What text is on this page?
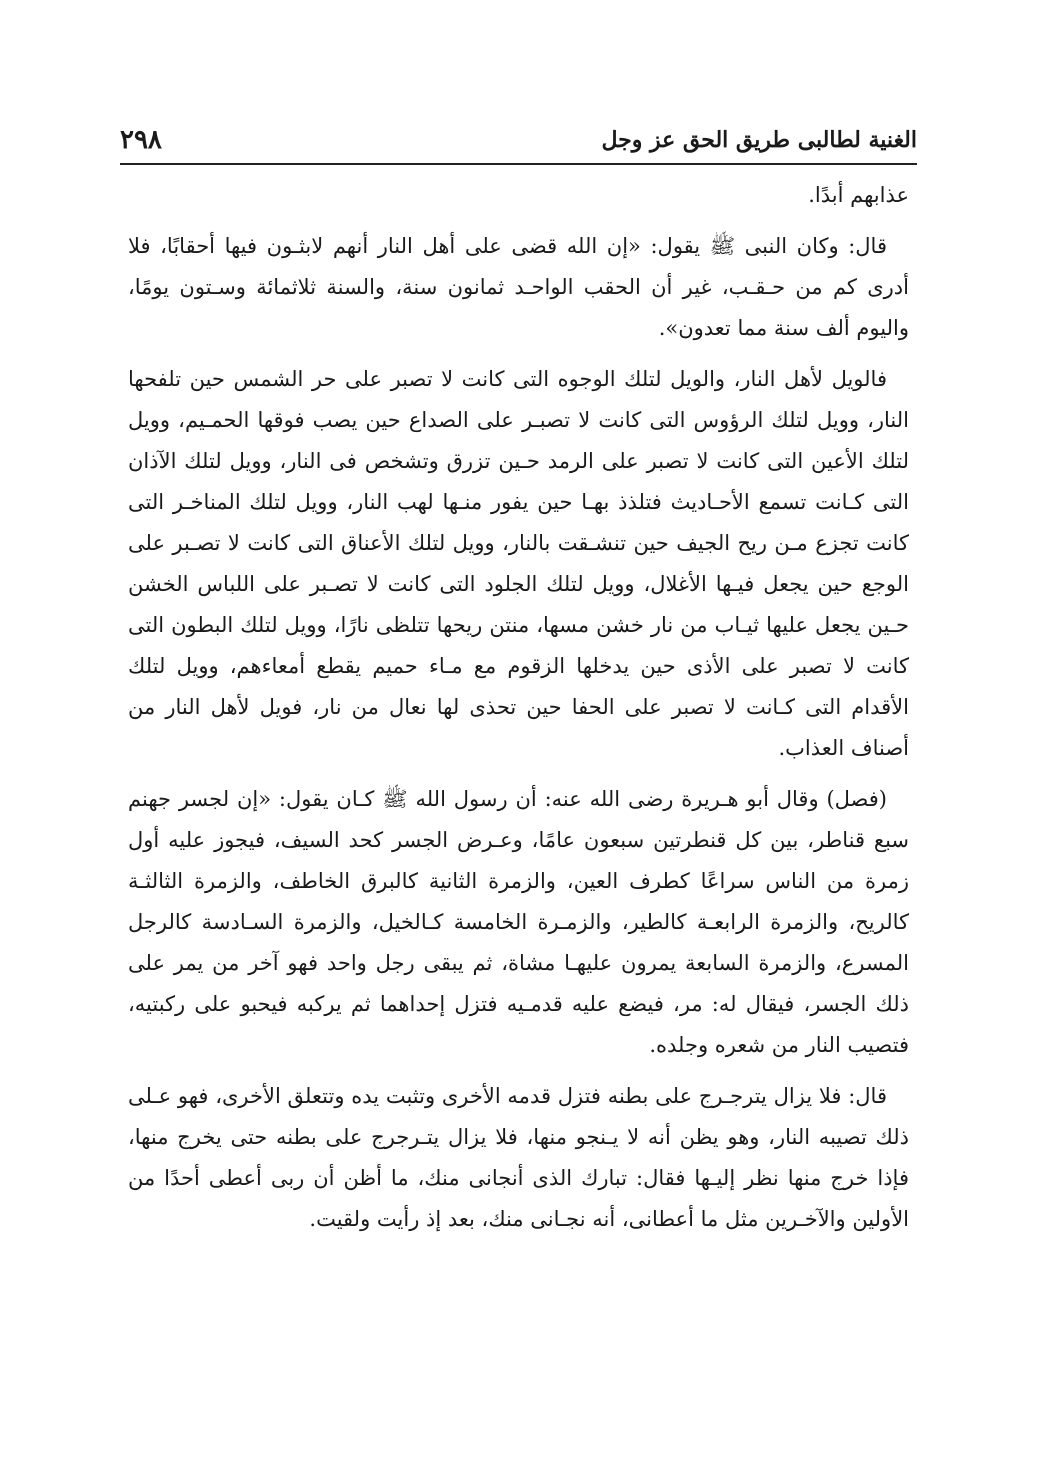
٢٩٨	الغنية لطالبى طريق الحق عز وجل

عذابهم أبدًا.

قال: وكان النبى ﷺ يقول: «إن الله قضى على أهل النار أنهم لابثـون فيها أحقابًا، فلا أدرى كم من حـقـب، غير أن الحقب الواحـد ثمانون سنة، والسنة ثلاثمائة وسـتون يومًا، واليوم ألف سنة مما تعدون».

فالويل لأهل النار، والويل لتلك الوجوه التى كانت لا تصبر على حر الشمس حين تلفحها النار، وويل لتلك الرؤوس التى كانت لا تصبـر على الصداع حين يصب فوقها الحمـيم، وويل لتلك الأعين التى كانت لا تصبر على الرمد حـين تزرق وتشخص فى النار، وويل لتلك الآذان التى كـانت تسمع الأحـاديث فتلذذ بهـا حين يفور منـها لهب النار، وويل لتلك المناخـر التى كانت تجزع مـن ريح الجيف حين تنشـقت بالنار، وويل لتلك الأعناق التى كانت لا تصـبر على الوجع حين يجعل فيـها الأغلال، وويل لتلك الجلود التى كانت لا تصـبر على اللباس الخشن حـين يجعل عليها ثيـاب من نار خشن مسها، منتن ريحها تتلظى نارًا، وويل لتلك البطون التى كانت لا تصبر على الأذى حين يدخلها الزقوم مع مـاء حميم يقطع أمعاءهم، وويل لتلك الأقدام التى كـانت لا تصبر على الحفا حين تحذى لها نعال من نار، فويل لأهل النار من أصناف العذاب.

(فصل) وقال أبو هـريرة رضى الله عنه: أن رسول الله ﷺ كـان يقول: «إن لجسر جهنم سبع قناطر، بين كل قنطرتين سبعون عامًا، وعـرض الجسر كحد السيف، فيجوز عليه أول زمرة من الناس سراعًا كطرف العين، والزمرة الثانية كالبرق الخاطف، والزمرة الثالثـة كالريح، والزمرة الرابعـة كالطير، والزمـرة الخامسة كـالخيل، والزمرة السـادسة كالرجل المسرع، والزمرة السابعة يمرون عليهـا مشاة، ثم يبقى رجل واحد فهو آخر من يمر على ذلك الجسر، فيقال له: مر، فيضع عليه قدمـيه فتزل إحداهما ثم يركبه فيحبو على ركبتيه، فتصيب النار من شعره وجلده.

قال: فلا يزال يترجـرج على بطنه فتزل قدمه الأخرى وتثبت يده وتتعلق الأخرى، فهو عـلى ذلك تصيبه النار، وهو يظن أنه لا يـنجو منها، فلا يزال يتـرجرج على بطنه حتى يخرج منها، فإذا خرج منها نظر إليـها فقال: تبارك الذى أنجانى منك، ما أظن أن ربى أعطى أحدًا من الأولين والآخـرين مثل ما أعطانى، أنه نجـانى منك، بعد إذ رأيت ولقيت.
